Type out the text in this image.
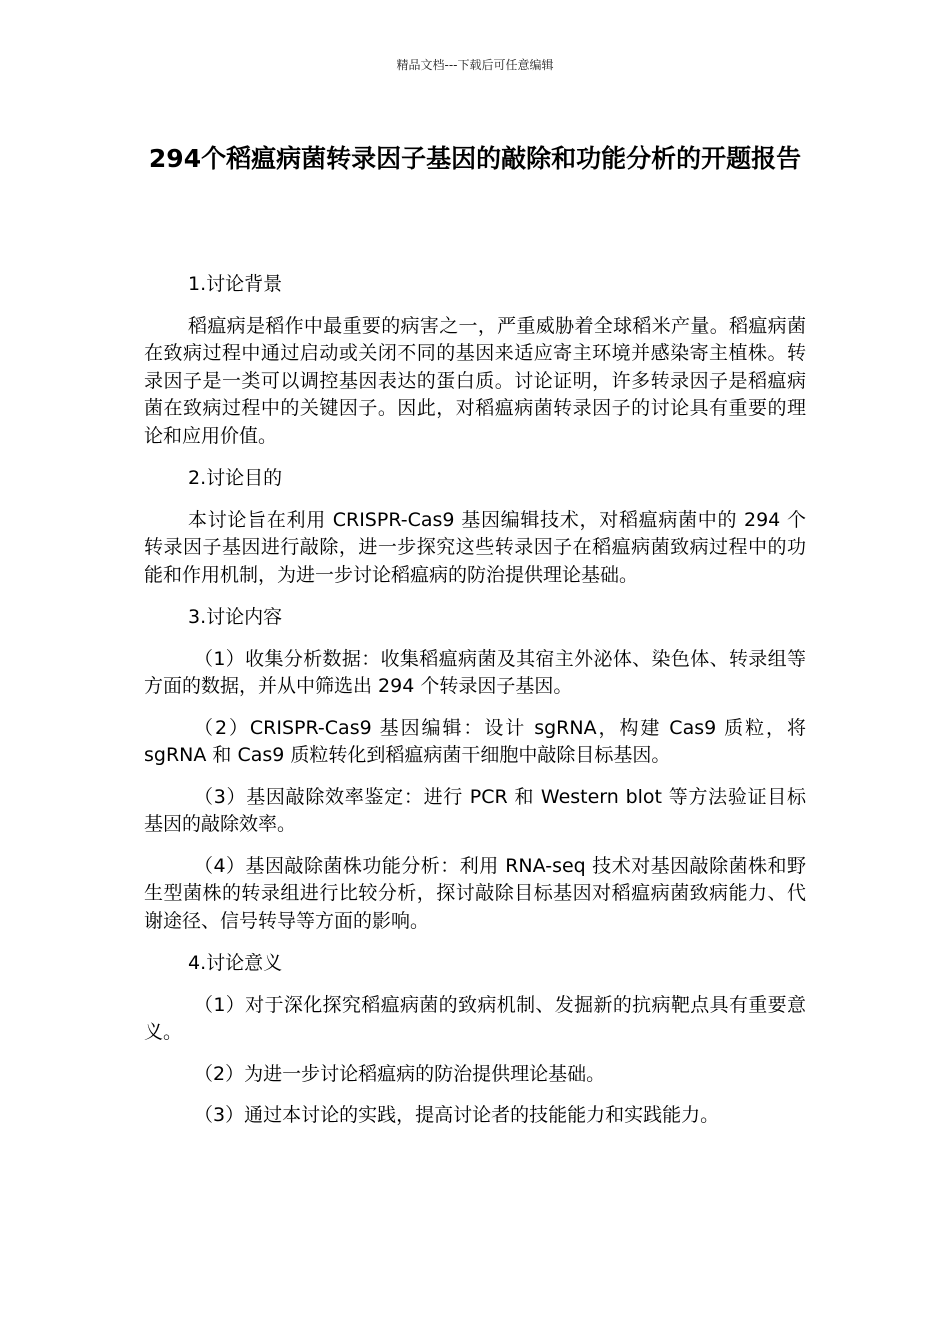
精品文档---下载后可任意编辑
294个稻瘟病菌转录因子基因的敲除和功能分析的开题报告

1.讨论背景

稻瘟病是稻作中最重要的病害之一，严重威胁着全球稻米产量。稻瘟病菌在致病过程中通过启动或关闭不同的基因来适应寄主环境并感染寄主植株。转录因子是一类可以调控基因表达的蛋白质。讨论证明，许多转录因子是稻瘟病菌在致病过程中的关键因子。因此，对稻瘟病菌转录因子的讨论具有重要的理论和应用价值。

2.讨论目的

本讨论旨在利用 CRISPR-Cas9 基因编辑技术，对稻瘟病菌中的 294 个转录因子基因进行敲除，进一步探究这些转录因子在稻瘟病菌致病过程中的功能和作用机制，为进一步讨论稻瘟病的防治提供理论基础。

3.讨论内容

（1）收集分析数据：收集稻瘟病菌及其宿主外泌体、染色体、转录组等方面的数据，并从中筛选出 294 个转录因子基因。

（2）CRISPR-Cas9 基因编辑：设计 sgRNA，构建 Cas9 质粒，将 sgRNA 和 Cas9 质粒转化到稻瘟病菌干细胞中敲除目标基因。

（3）基因敲除效率鉴定：进行 PCR 和 Western blot 等方法验证目标基因的敲除效率。

（4）基因敲除菌株功能分析：利用 RNA-seq 技术对基因敲除菌株和野生型菌株的转录组进行比较分析，探讨敲除目标基因对稻瘟病菌致病能力、代谢途径、信号转导等方面的影响。

4.讨论意义

（1）对于深化探究稻瘟病菌的致病机制、发掘新的抗病靶点具有重要意义。

（2）为进一步讨论稻瘟病的防治提供理论基础。

（3）通过本讨论的实践，提高讨论者的技能能力和实践能力。
